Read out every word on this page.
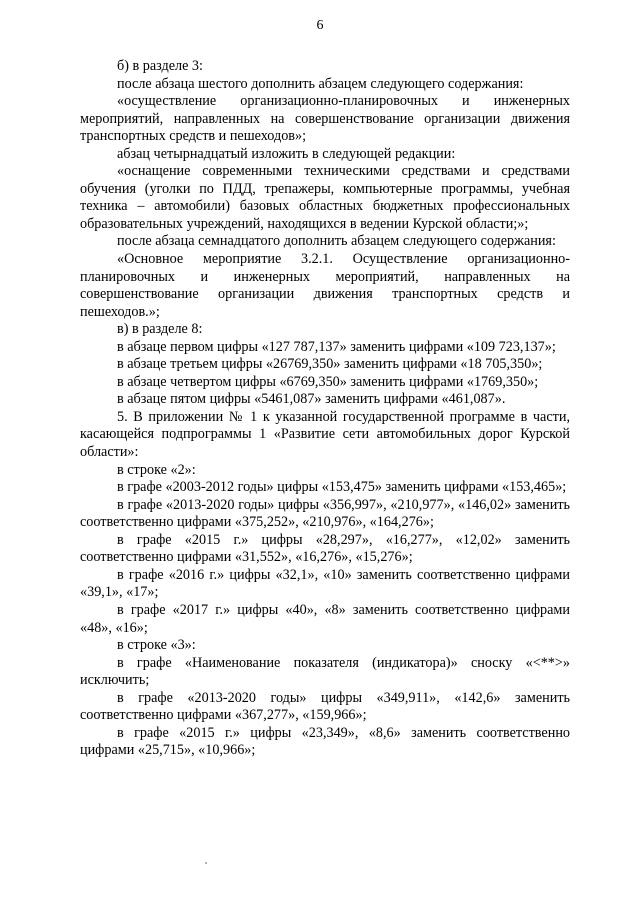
6

б) в разделе 3:

после абзаца шестого дополнить абзацем следующего содержания:

«осуществление организационно-планировочных и инженерных мероприятий, направленных на совершенствование организации движения транспортных средств и пешеходов»;

абзац четырнадцатый изложить в следующей редакции:

«оснащение современными техническими средствами и средствами обучения (уголки по ПДД, трепажеры, компьютерные программы, учебная техника – автомобили) базовых областных бюджетных профессиональных образовательных учреждений, находящихся в ведении Курской области;»;

после абзаца семнадцатого дополнить абзацем следующего содержания:

«Основное мероприятие 3.2.1. Осуществление организационно-планировочных и инженерных мероприятий, направленных на совершенствование организации движения транспортных средств и пешеходов.»;

в) в разделе 8:

в абзаце первом цифры «127 787,137» заменить цифрами «109 723,137»;

в абзаце третьем цифры «26769,350» заменить цифрами «18 705,350»;

в абзаце четвертом цифры «6769,350» заменить цифрами «1769,350»;

в абзаце пятом цифры «5461,087» заменить цифрами «461,087».

5. В приложении № 1 к указанной государственной программе в части, касающейся подпрограммы 1 «Развитие сети автомобильных дорог Курской области»:

в строке «2»:

в графе «2003-2012 годы» цифры «153,475» заменить цифрами «153,465»;

в графе «2013-2020 годы» цифры «356,997», «210,977», «146,02» заменить соответственно цифрами «375,252», «210,976», «164,276»;

в графе «2015 г.» цифры «28,297», «16,277», «12,02» заменить соответственно цифрами «31,552», «16,276», «15,276»;

в графе «2016 г.» цифры «32,1», «10» заменить соответственно цифрами «39,1», «17»;

в графе «2017 г.» цифры «40», «8» заменить соответственно цифрами «48», «16»;

в строке «3»:

в графе «Наименование показателя (индикатора)» сноску «<**>» исключить;

в графе «2013-2020 годы» цифры «349,911», «142,6» заменить соответственно цифрами «367,277», «159,966»;

в графе «2015 г.» цифры «23,349», «8,6» заменить соответственно цифрами «25,715», «10,966»;
